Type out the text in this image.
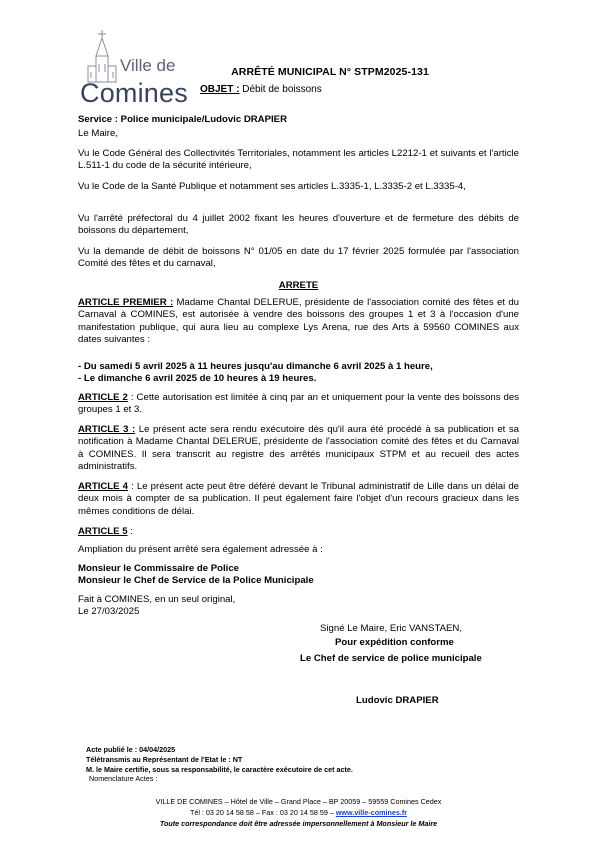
Ville de
Comines
ARRÊTÉ MUNICIPAL N° STPM2025-131
OBJET : Débit de boissons
Service : Police municipale/Ludovic DRAPIER
Le Maire,
Vu le Code Général des Collectivités Territoriales, notamment les articles L2212-1 et suivants et l'article L.511-1 du code de la sécurité intérieure,
Vu le Code de la Santé Publique et notamment ses articles L.3335-1, L.3335-2 et L.3335-4,
Vu l'arrêté préfectoral du 4 juillet 2002 fixant les heures d'ouverture et de fermeture des débits de boissons du département,
Vu la demande de débit de boissons N° 01/05 en date du 17 février 2025 formulée par l'association Comité des fêtes et du carnaval,
ARRETE
ARTICLE PREMIER : Madame Chantal DELERUE, présidente de l'association comité des fêtes et du Carnaval à COMINES, est autorisée à vendre des boissons des groupes 1 et 3 à l'occasion d'une manifestation publique, qui aura lieu au complexe Lys Arena, rue des Arts à 59560 COMINES aux dates suivantes :
- Du samedi 5 avril 2025 à 11 heures jusqu'au dimanche 6 avril 2025 à 1 heure,
- Le dimanche 6 avril 2025 de 10 heures à 19 heures.
ARTICLE 2 : Cette autorisation est limitée à cinq par an et uniquement pour la vente des boissons des groupes 1 et 3.
ARTICLE 3 : Le présent acte sera rendu exécutoire dès qu'il aura été procédé à sa publication et sa notification à Madame Chantal DELERUE, présidente de l'association comité des fêtes et du Carnaval à COMINES. Il sera transcrit au registre des arrêtés municipaux STPM et au recueil des actes administratifs.
ARTICLE 4 : Le présent acte peut être déféré devant le Tribunal administratif de Lille dans un délai de deux mois à compter de sa publication. Il peut également faire l'objet d'un recours gracieux dans les mêmes conditions de délai.
ARTICLE 5 :
Ampliation du présent arrêté sera également adressée à :
Monsieur le Commissaire de Police
Monsieur le Chef de Service de la Police Municipale
Fait à COMINES, en un seul original,
Le 27/03/2025
Signé Le Maire, Eric VANSTAEN,
Pour expédition conforme
Le Chef de service de police municipale
Ludovic DRAPIER
Acte publié le : 04/04/2025
Télétransmis au Représentant de l'Etat le : NT
M. le Maire certifie, sous sa responsabilité, le caractère exécutoire de cet acte.
Nomenclature Actes :
VILLE DE COMINES – Hôtel de Ville – Grand Place – BP 20059 – 59559 Comines Cedex
Tél : 03 20 14 58 58 – Fax : 03 20 14 58 59 – www.ville-comines.fr
Toute correspondance doit être adressée impersonnellement à Monsieur le Maire
